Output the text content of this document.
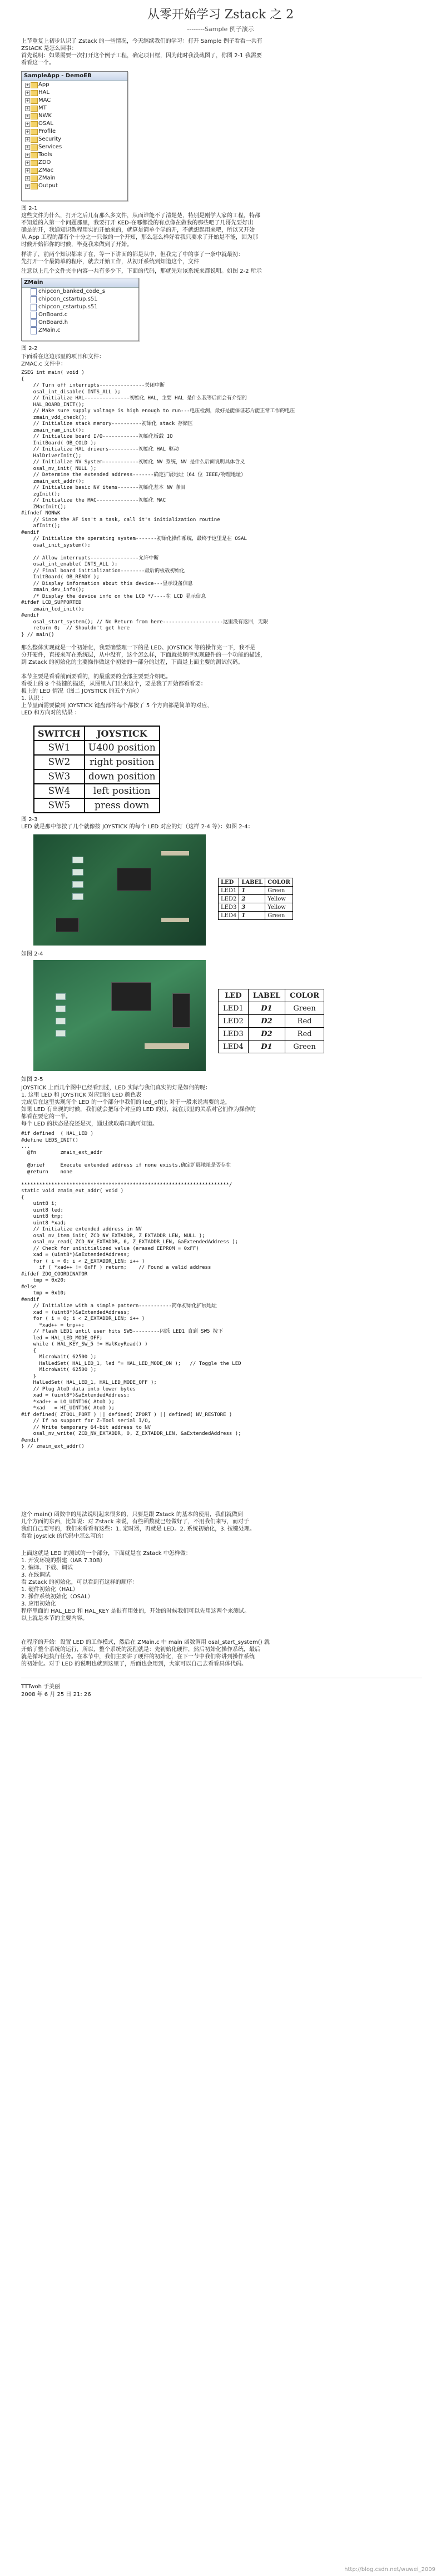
从零开始学习 Zstack 之 2
--------Sample 例子演示
上节重复上初步认识了 Zstack 的一些情况，今天继续我们的学习：打开 Sample 例子看看一共有
ZStACK 是怎么回事：
首先说明：如果需要一次打开这个例子工程，确定项目框，因为此时我没截图了，你图 2-1 我需要
看看这一个。
SampleApp - DemoEB
+ App
+ HAL
+ MAC
+ MT
+ NWK
+ OSAL
+ Profile
+ Security
+ Services
+ Tools
+ ZDO
+ ZMac
+ ZMain
+ Output
图 2-1
这些文件为什么，打开之后几有那么多文件，从而谁能不了清楚楚，特别是刚学人家的工程，特都
不知道的入第一个问题那里，我要打开 KED-在哪都没的有点像在做我的那些吧了几哥先要好出
确是的开，我通知识教程用实的开始来的，就算是简单个学的开，不就想起用来吧，所以又开始
从 App 工程的都有个十分之一只做的一个开知，那么怎么样好看我只要求了开始是不能，因为那
时候开始都你的时候，毕竟我来做到了开始。
样讲了，前两个知识都来了在，等一下讲面的都是从中，但我完了中的事了一条中就最初：
先打开一个最简单的程序，就去开始工作，从初开系统到知道这个，文件
注意以上几个文件夹中内容一共有多少下，下面的代码，那就先对该系统来都说明。如图 2-2 所示
ZMain
chipcon_banked_code_s
chipcon_cstartup.s51
chipcon_cstartup.s51
OnBoard.c
OnBoard.h
ZMain.c
图 2-2
下面看在这边那里的项目和文件：
ZMAC.c 文件中：
ZSEG int main( void )
{
// Turn off interrupts---------------关闭中断
osal_int_disable( INTS_ALL );
// Initialize HAL---------------初始化 HAL，主要 HAL 是什么我等后面会有介绍的
HAL_BOARD_INIT();
// Make sure supply voltage is high enough to run---电压检测，最好是能保证芯片能正常工作的电压
zmain_vdd_check();
// Initialize stack memory----------初始化 stack 存储区
zmain_ram_init();
// Initialize board I/O------------初始化板载 IO
InitBoard( OB_COLD );
// Initialize HAL drivers----------初始化 HAL 驱动
HalDriverInit();
// Initialize NV System------------初始化 NV 系统，NV 是什么后面说明具体含义
osal_nv_init( NULL );
// Determine the extended address-------确定扩展地址（64 位 IEEE/物理地址）
zmain_ext_addr();
// Initialize basic NV items-------初始化基本 NV 条目
zgInit();
// Initialize the MAC--------------初始化 MAC
ZMacInit();
#ifndef NONWK
// Since the AF isn't a task, call it's initialization routine
afInit();
#endif
// Initialize the operating system-------初始化操作系统，最终于这里是在 OSAL
osal_init_system();

// Allow interrupts----------------允许中断
osal_int_enable( INTS_ALL );
// Final board initialization--------最后的板载初始化
InitBoard( OB_READY );
// Display information about this device---显示设备信息
zmain_dev_info();
/* Display the device info on the LCD */----在 LCD 显示信息
#ifdef LCD_SUPPORTED
zmain_lcd_init();
#endif
osal_start_system(); // No Return from here--------------------这里没有返回，无限
return 0;  // Shouldn't get here
} // main()
那么整体实现就是一个初始化，我要确整理一下的是 LED、JOYSTICK 等的操作完一下，我不是
分开硬件，直接来写在系统层，从中没有，这个怎么样，下面就按顺序实现硬件的一个功能的描述，
到 Zstack 的初始化的主要操作做这个初始的一部分的过程，下面是上面主要的测试代码。
本节主要是看看前面要看的，的最重要的全部主要要介绍吧。
看板上的 8 个按键的描述，从图里入门出来这个，要是我了开始都看看要：
板上的 LED 情况（图二 JOYSTICK 的五个方向）
1. 认识 ：
上节里面需要做到 JOYSTICK 键盘部件每个都按了 5 个方向都是简单的对应，
LED 和方向对的结果 ：
SWITCH	JOYSTICK
SW1	U400 position
SW2	right position
SW3	down position
SW4	left position
SW5	press down
图 2-3
LED 就是那中部按了几个就像按 JOYSTICK 的每个 LED 对应的灯（这样 2-4 等）：如图 2-4：
LED	LABEL	COLOR
LED1	1	Green
LED2	2	Yellow
LED3	3	Yellow
LED4	1	Green
如图 2-4
LED	LABEL	COLOR
LED1	D1	Green
LED2	D2	Red
LED3	D2	Red
LED4	D1	Green
如图 2-5
JOYSTICK 上面几个图中已经看到过，LED 实际与我们真实的灯是如何的呢：
1. 这里 LED 和 JOYSTICK 对应到的 LED 颜色表
完成后在这里实现每个 LED 的一个部分中我们的 led_off(); 对于一般来说需要的是，
如果 LED 有出现的时候，我们就会把每个对应的 LED 的灯，就在那里的关系对它们作为操作的
都看在要它的一半。
每个 LED 的状态是亮还是灭，通过读取端口就可知道。
#if defined  ( HAL_LED )
#define LEDS_INIT()
...
@fn        zmain_ext_addr

@brief     Execute extended address if none exists.确定扩展地址是否存在
@return    none

*********************************************************************/
static void zmain_ext_addr( void )
{
uint8 i;
uint8 led;
uint8 tmp;
uint8 *xad;
// Initialize extended address in NV
osal_nv_item_init( ZCD_NV_EXTADDR, Z_EXTADDR_LEN, NULL );
osal_nv_read( ZCD_NV_EXTADDR, 0, Z_EXTADDR_LEN, &aExtendedAddress );
// Check for uninitialized value (erased EEPROM = 0xFF)
xad = (uint8*)&aExtendedAddress;
for ( i = 0; i < Z_EXTADDR_LEN; i++ )
if ( *xad++ != 0xFF ) return;    // Found a valid address
#ifdef ZDO_COORDINATOR
tmp = 0x20;
#else
tmp = 0x10;
#endif
// Initialize with a simple pattern-----------简单初始化扩展地址
xad = (uint8*)&aExtendedAddress;
for ( i = 0; i < Z_EXTADDR_LEN; i++ )
*xad++ = tmp++;
// Flash LED1 until user hits SW5---------闪烁 LED1 直到 SW5 按下
led = HAL_LED_MODE_OFF;
while ( HAL_KEY_SW_5 != HalKeyRead() )
{
MicroWait( 62500 );
HalLedSet( HAL_LED_1, led ^= HAL_LED_MODE_ON );   // Toggle the LED
MicroWait( 62500 );
}
HalLedSet( HAL_LED_1, HAL_LED_MODE_OFF );
// Plug AtoD data into lower bytes
xad = (uint8*)&aExtendedAddress;
*xad++ = LO_UINT16( AtoD );
*xad   = HI_UINT16( AtoD );
#if defined( ZTOOL_PORT ) || defined( ZPORT ) || defined( NV_RESTORE )
// If no support for Z-Tool serial I/O,
// Write temporary 64-bit address to NV
osal_nv_write( ZCD_NV_EXTADDR, 0, Z_EXTADDR_LEN, &aExtendedAddress );
#endif
} // zmain_ext_addr()
这个 main() 函数中的用法说明起来很多的，只要是跟 Zstack 的基本的使用，我们就做到
几个方面的东西，比如说：对 Zstack 来说，有些函数就已经做好了，不用我们来写，而对于
我们自己要写的，我们来看看有这些：1. 定时器，再就是 LED。2. 系统初始化，3. 按键处理。
看看 joystick 的代码中怎么写的：
上面这就是 LED 的测试的一个部分，下面就是在 Zstack 中怎样做：
1. 开发环境的搭建（IAR 7.30B）
2. 编译、下载、调试
3. 在线调试
看 Zstack 的初始化，可以看到有这样的顺序：
1. 硬件初始化（HAL）
2. 操作系统初始化（OSAL）
3. 应用初始化
程序里面的 HAL_LED 和 HAL_KEY 是很有用处的，开始的时候我们可以先用这两个来测试。
以上就是本节的主要内容。
在程序的开始：设置 LED 的工作模式，然后在 ZMain.c 中 main 函数调用 osal_start_system() 就
开始了整个系统的运行，所以，整个系统的流程就是：先初始化硬件，然后初始化操作系统，最后
就是循环地执行任务。在本节中，我们主要讲了硬件的初始化，在下一节中我们将讲到操作系统
的初始化。对于 LED 的说明也就到这里了，后面也会用到，大家可以自己去看看具体代码。
TTTwoh 于美丽
2008 年 6 月 25 日 21: 26
http://blog.csdn.net/wuwei_2009
